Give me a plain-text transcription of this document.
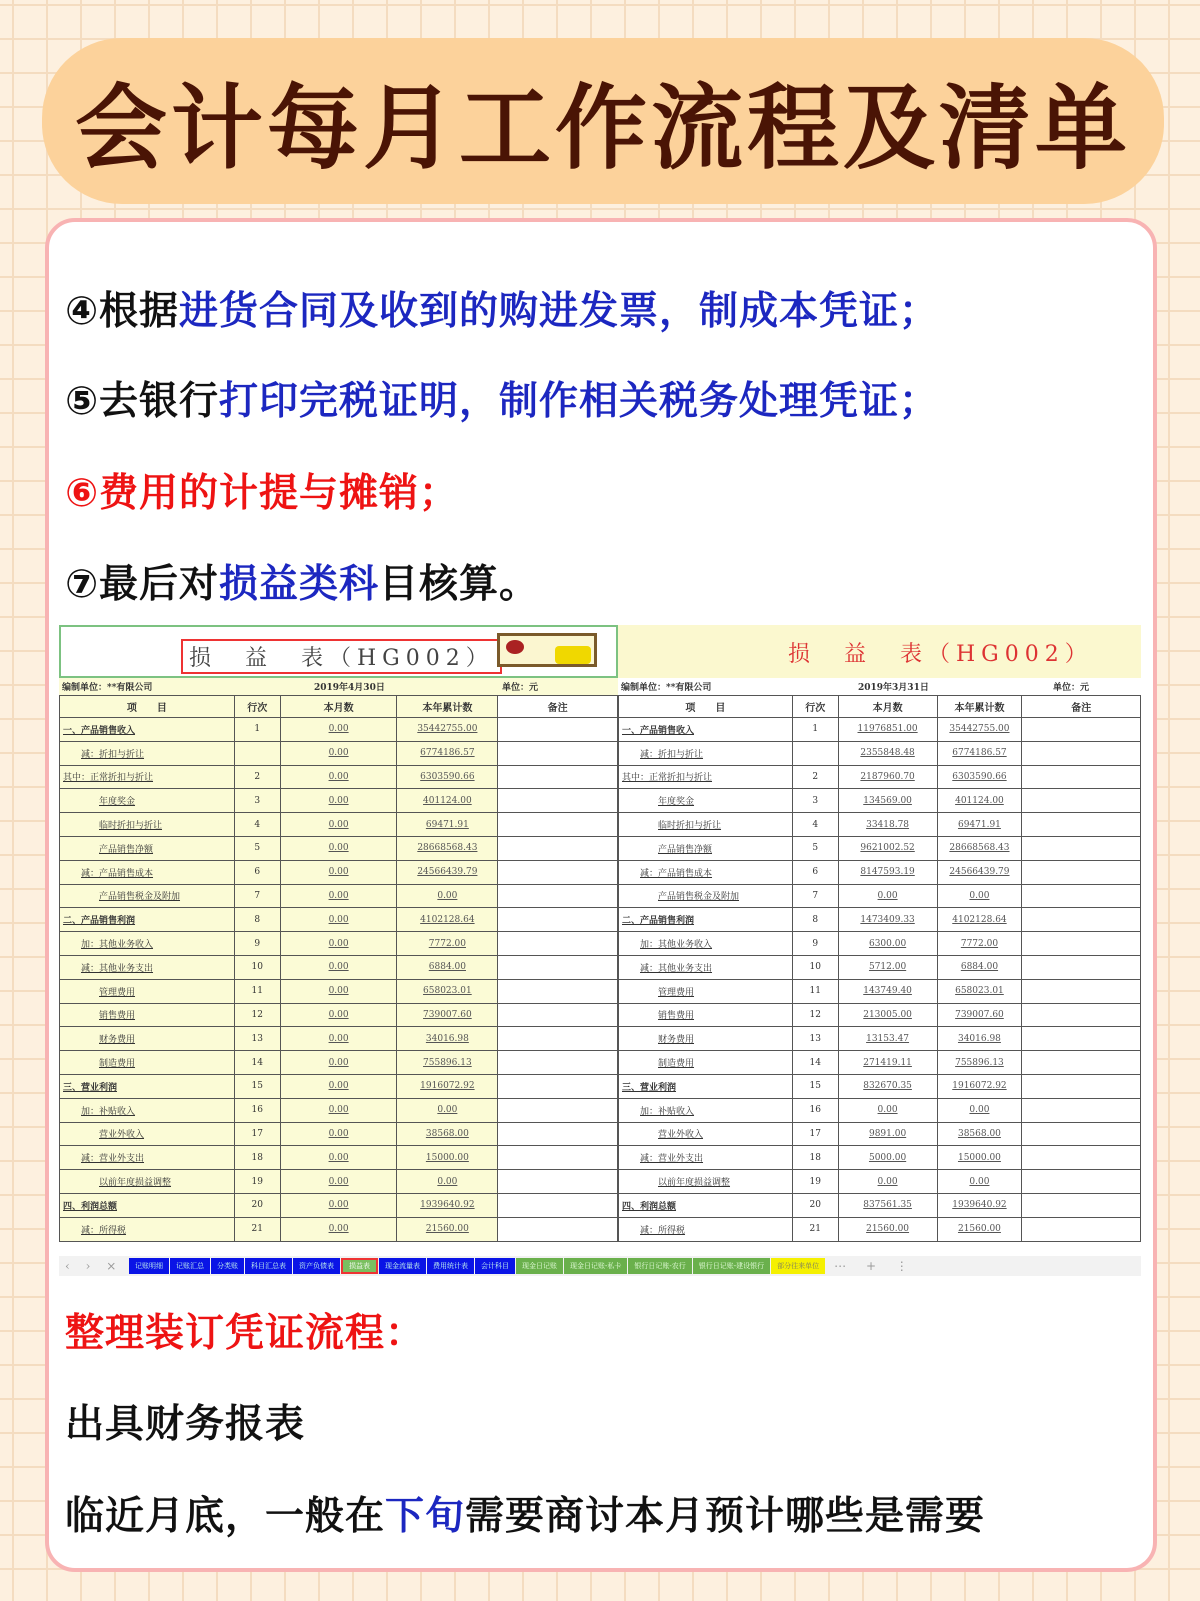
会计每月工作流程及清单
④根据进货合同及收到的购进发票，制成本凭证；
⑤去银行打印完税证明，制作相关税务处理凭证；
⑥费用的计提与摊销；
⑦最后对损益类科目核算。
整理装订凭证流程：
出具财务报表
临近月底，一般在下旬需要商讨本月预计哪些是需要
损　益　表（HG002）
编制单位：**有限公司	2019年4月30日	单位：元
项　　目	行次	本月数	本年累计数	备注
一、产品销售收入	1	0.00	35442755.00	
减：折扣与折让		0.00	6774186.57	
其中：正常折扣与折让	2	0.00	6303590.66	
年度奖金	3	0.00	401124.00	
临时折扣与折让	4	0.00	69471.91	
产品销售净额	5	0.00	28668568.43	
减：产品销售成本	6	0.00	24566439.79	
产品销售税金及附加	7	0.00	0.00	
二、产品销售利润	8	0.00	4102128.64	
加：其他业务收入	9	0.00	7772.00	
减：其他业务支出	10	0.00	6884.00	
管理费用	11	0.00	658023.01	
销售费用	12	0.00	739007.60	
财务费用	13	0.00	34016.98	
制造费用	14	0.00	755896.13	
三、营业利润	15	0.00	1916072.92	
加：补贴收入	16	0.00	0.00	
营业外收入	17	0.00	38568.00	
减：营业外支出	18	0.00	15000.00	
以前年度损益调整	19	0.00	0.00	
四、利润总额	20	0.00	1939640.92	
减：所得税	21	0.00	21560.00	
损　益　表（HG002）
编制单位：**有限公司	2019年3月31日	单位：元
项　　目	行次	本月数	本年累计数	备注
一、产品销售收入	1	11976851.00	35442755.00	
减：折扣与折让		2355848.48	6774186.57	
其中：正常折扣与折让	2	2187960.70	6303590.66	
年度奖金	3	134569.00	401124.00	
临时折扣与折让	4	33418.78	69471.91	
产品销售净额	5	9621002.52	28668568.43	
减：产品销售成本	6	8147593.19	24566439.79	
产品销售税金及附加	7	0.00	0.00	
二、产品销售利润	8	1473409.33	4102128.64	
加：其他业务收入	9	6300.00	7772.00	
减：其他业务支出	10	5712.00	6884.00	
管理费用	11	143749.40	658023.01	
销售费用	12	213005.00	739007.60	
财务费用	13	13153.47	34016.98	
制造费用	14	271419.11	755896.13	
三、营业利润	15	832670.35	1916072.92	
加：补贴收入	16	0.00	0.00	
营业外收入	17	9891.00	38568.00	
减：营业外支出	18	5000.00	15000.00	
以前年度损益调整	19	0.00	0.00	
四、利润总额	20	837561.35	1939640.92	
减：所得税	21	21560.00	21560.00	
‹ › ×	记账明细	记账汇总	分类账	科目汇总表	资产负债表	损益表	现金流量表	费用统计表	会计科目	现金日记账	现金日记账-私卡	银行日记账-农行	银行日记账-建设银行	部分往来单位	⋯ + ⋮
